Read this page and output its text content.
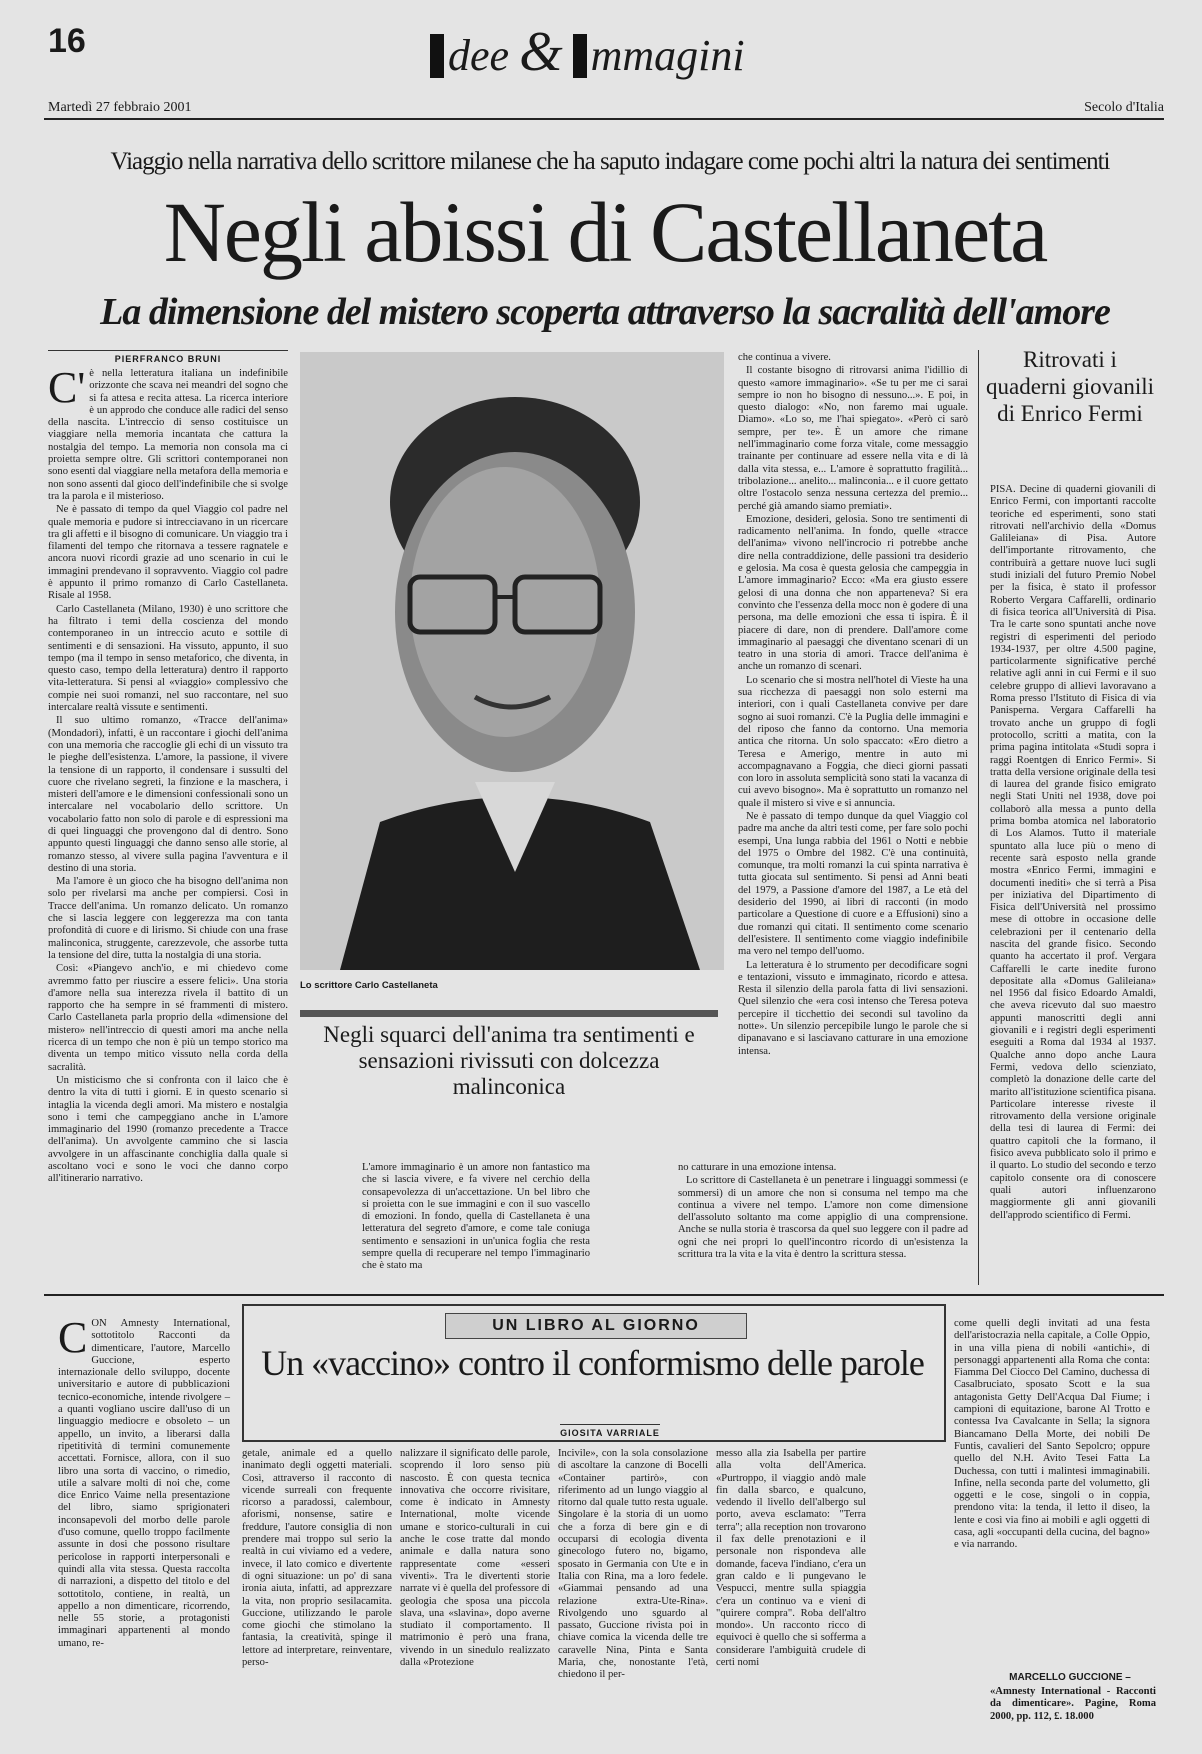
16	dee & mmagini
Martedì 27 febbraio 2001	Secolo d'Italia
Viaggio nella narrativa dello scrittore milanese che ha saputo indagare come pochi altri la natura dei sentimenti
Negli abissi di Castellaneta
La dimensione del mistero scoperta attraverso la sacralità dell'amore
PIERFRANCO BRUNI
C' è nella letteratura italiana un indefinibile orizzonte che scava nei meandri del sogno che si fa attesa e recita attesa. La ricerca interiore è un approdo che conduce alle radici del senso della nascita. L'intreccio di senso costituisce un viaggiare nella memoria incantata che cattura la nostalgia del tempo. La memoria non consola ma ci proietta sempre oltre. Gli scrittori contemporanei non sono esenti dal viaggiare nella metafora della memoria e non sono assenti dal gioco dell'indefinibile che si svolge tra la parola e il misterioso.

Ne è passato di tempo da quel Viaggio col padre nel quale memoria e pudore si intrecciavano in un ricercare tra gli affetti e il bisogno di comunicare. Un viaggio tra i filamenti del tempo che ritornava a tessere ragnatele e ancora nuovi ricordi grazie ad uno scenario in cui le immagini prendevano il sopravvento. Viaggio col padre è appunto il primo romanzo di Carlo Castellaneta. Risale al 1958.

Carlo Castellaneta (Milano, 1930) è uno scrittore che ha filtrato i temi della coscienza del mondo contemporaneo in un intreccio acuto e sottile di sentimenti e di sensazioni. Ha vissuto, appunto, il suo tempo (ma il tempo in senso metaforico, che diventa, in questo caso, tempo della letteratura) dentro il rapporto vita-letteratura. Si pensi al «viaggio» complessivo che compie nei suoi romanzi, nel suo raccontare, nel suo intercalare realtà vissute e sentimenti.

Il suo ultimo romanzo, «Tracce dell'anima» (Mondadori), infatti, è un raccontare i giochi dell'anima con una memoria che raccoglie gli echi di un vissuto tra le pieghe dell'esistenza. L'amore, la passione, il vivere la tensione di un rapporto, il condensare i sussulti del cuore che rivelano segreti, la finzione e la maschera, i misteri dell'amore e le dimensioni confessionali sono un intercalare nel vocabolario dello scrittore. Un vocabolario fatto non solo di parole e di espressioni ma di quei linguaggi che provengono dal di dentro. Sono appunto questi linguaggi che danno senso alle storie, al romanzo stesso, al vivere sulla pagina l'avventura e il destino di una storia.

Ma l'amore è un gioco che ha bisogno dell'anima non solo per rivelarsi ma anche per compiersi. Così in Tracce dell'anima. Un romanzo delicato. Un romanzo che si lascia leggere con leggerezza ma con tanta profondità di cuore e di lirismo. Si chiude con una frase malinconica, struggente, carezzevole, che assorbe tutta la tensione del dire, tutta la nostalgia di una storia.

Così: «Piangevo anch'io, e mi chiedevo come avremmo fatto per riuscire a essere felici». Una storia d'amore nella sua interezza rivela il battito di un rapporto che ha sempre in sé frammenti di mistero. Carlo Castellaneta parla proprio della «dimensione del mistero» nell'intreccio di questi amori ma anche nella ricerca di un tempo che non è più un tempo storico ma diventa un tempo mitico vissuto nella corda della sacralità.

Un misticismo che si confronta con il laico che è dentro la vita di tutti i giorni. E in questo scenario si intaglia la vicenda degli amori. Ma mistero e nostalgia sono i temi che campeggiano anche in L'amore immaginario del 1990 (romanzo precedente a Tracce dell'anima). Un avvolgente cammino che si lascia avvolgere in un affascinante conchiglia dalla quale si ascoltano voci e sono le voci che danno corpo all'itinerario narrativo.

Lo scrittore Carlo Castellaneta
Negli squarci dell'anima tra sentimenti e sensazioni rivissuti con dolcezza malinconica

L'amore immaginario è un amore non fantastico ma che si lascia vivere, e fa vivere nel cerchio della consapevolezza di un'accettazione. Un bel libro che si proietta con le sue immagini e con il suo vascello di emozioni. In fondo, quella di Castellaneta è una letteratura del segreto d'amore, e come tale coniuga sentimento e sensazioni in un'unica foglia che resta sempre quella di recuperare nel tempo l'immaginario che è stato ma

che continua a vivere.

Il costante bisogno di ritrovarsi anima l'idillio di questo «amore immaginario». «Se tu per me ci sarai sempre io non ho bisogno di nessuno...». E poi, in questo dialogo: «No, non faremo mai uguale. Diamo». «Lo so, me l'hai spiegato». «Però ci sarò sempre, per te». È un amore che rimane nell'immaginario come forza vitale, come messaggio trainante per continuare ad essere nella vita e di là dalla vita stessa, e... L'amore è soprattutto fragilità... tribolazione... anelito... malinconia... e il cuore gettato oltre l'ostacolo senza nessuna certezza del premio... perché già amando siamo premiati».

Emozione, desideri, gelosia. Sono tre sentimenti di radicamento nell'anima. In fondo, quelle «tracce dell'anima» vivono nell'incrocio ri potrebbe anche dire nella contraddizione, delle passioni tra desiderio e gelosia. Ma cosa è questa gelosia che campeggia in L'amore immaginario? Ecco: «Ma era giusto essere gelosi di una donna che non apparteneva? Si era convinto che l'essenza della mocc non è godere di una persona, ma delle emozioni che essa ti ispira. È il piacere di dare, non di prendere. Dall'amore come immaginario al paesaggi che diventano scenari di un teatro in una storia di amori. Tracce dell'anima è anche un romanzo di scenari.

Lo scenario che si mostra nell'hotel di Vieste ha una sua ricchezza di paesaggi non solo esterni ma interiori, con i quali Castellaneta convive per dare sogno ai suoi romanzi. C'è la Puglia delle immagini e del riposo che fanno da contorno. Una memoria antica che ritorna. Un solo spaccato: «Ero dietro a Teresa e Amerigo, mentre in auto mi accompagnavano a Foggia, che dieci giorni passati con loro in assoluta semplicità sono stati la vacanza di cui avevo bisogno». Ma è soprattutto un romanzo nel quale il mistero si vive e si annuncia.

Ne è passato di tempo dunque da quel Viaggio col padre ma anche da altri testi come, per fare solo pochi esempi, Una lunga rabbia del 1961 o Notti e nebbie del 1975 o Ombre del 1982. C'è una continuità, comunque, tra molti romanzi la cui spinta narrativa è tutta giocata sul sentimento. Si pensi ad Anni beati del 1979, a Passione d'amore del 1987, a Le età del desiderio del 1990, ai libri di racconti (in modo particolare a Questione di cuore e a Effusioni) sino a due romanzi qui citati. Il sentimento come scenario dell'esistere. Il sentimento come viaggio indefinibile ma vero nel tempo dell'uomo.

La letteratura è lo strumento per decodificare sogni e tentazioni, vissuto e immaginato, ricordo e attesa. Resta il silenzio della parola fatta di livi sensazioni. Quel silenzio che «era così intenso che Teresa poteva percepire il ticchettio dei secondi sul tavolino da notte». Un silenzio percepibile lungo le parole che si dipanavano e si lasciavano catturare in una emozione intensa.

no catturare in una emozione intensa.

Lo scrittore di Castellaneta è un penetrare i linguaggi sommessi (e sommersi) di un amore che non si consuma nel tempo ma che continua a vivere nel tempo. L'amore non come dimensione dell'assoluto soltanto ma come appiglio di una comprensione. Anche se nulla storia è trascorsa da quel suo leggere con il padre ad ogni che nei propri lo quell'incontro ricordo di un'esistenza la scrittura tra la vita e la vita è dentro la scrittura stessa.

Ritrovati i quaderni giovanili di Enrico Fermi

PISA. Decine di quaderni giovanili di Enrico Fermi, con importanti raccolte teoriche ed esperimenti, sono stati ritrovati nell'archivio della «Domus Galileiana» di Pisa. Autore dell'importante ritrovamento, che contribuirà a gettare nuove luci sugli studi iniziali del futuro Premio Nobel per la fisica, è stato il professor Roberto Vergara Caffarelli, ordinario di fisica teorica all'Università di Pisa. Tra le carte sono spuntati anche nove registri di esperimenti del periodo 1934-1937, per oltre 4.500 pagine, particolarmente significative perché relative agli anni in cui Fermi e il suo celebre gruppo di allievi lavoravano a Roma presso l'Istituto di Fisica di via Panisperna. Vergara Caffarelli ha trovato anche un gruppo di fogli protocollo, scritti a matita, con la prima pagina intitolata «Studi sopra i raggi Roentgen di Enrico Fermi». Si tratta della versione originale della tesi di laurea del grande fisico emigrato negli Stati Uniti nel 1938, dove poi collaborò alla messa a punto della prima bomba atomica nel laboratorio di Los Alamos. Tutto il materiale spuntato alla luce più o meno di recente sarà esposto nella grande mostra «Enrico Fermi, immagini e documenti inediti» che si terrà a Pisa per iniziativa del Dipartimento di Fisica dell'Università nel prossimo mese di ottobre in occasione delle celebrazioni per il centenario della nascita del grande fisico. Secondo quanto ha accertato il prof. Vergara Caffarelli le carte inedite furono depositate alla «Domus Galileiana» nel 1956 dal fisico Edoardo Amaldi, che aveva ricevuto dal suo maestro appunti manoscritti degli anni giovanili e i registri degli esperimenti eseguiti a Roma dal 1934 al 1937. Qualche anno dopo anche Laura Fermi, vedova dello scienziato, completò la donazione delle carte del marito all'istituzione scientifica pisana. Particolare interesse riveste il ritrovamento della versione originale della tesi di laurea di Fermi: dei quattro capitoli che la formano, il fisico aveva pubblicato solo il primo e il quarto. Lo studio del secondo e terzo capitolo consente ora di conoscere quali autori influenzarono maggiormente gli anni giovanili dell'approdo scientifico di Fermi.

UN LIBRO AL GIORNO
Un «vaccino» contro il conformismo delle parole
GIOSITA VARRIALE
C ON Amnesty International, sottotitolo Racconti da dimenticare, l'autore, Marcello Guccione, esperto internazionale dello sviluppo, docente universitario e autore di pubblicazioni tecnico-economiche, intende rivolgere – a quanti vogliano uscire dall'uso di un linguaggio mediocre e obsoleto – un appello, un invito, a liberarsi dalla ripetitività di termini comunemente accettati. Fornisce, allora, con il suo libro una sorta di vaccino, o rimedio, utile a salvare molti di noi che, come dice Enrico Vaime nella presentazione del libro, siamo sprigionateri inconsapevoli del morbo delle parole d'uso comune, quello troppo facilmente assunte in dosi che possono risultare pericolose in rapporti interpersonali e quindi alla vita stessa. Questa raccolta di narrazioni, a dispetto del titolo e del sottotitolo, contiene, in realtà, un appello a non dimenticare, ricorrendo, nelle 55 storie, a protagonisti immaginari appartenenti al mondo umano, re-

getale, animale ed a quello inanimato degli oggetti materiali. Così, attraverso il racconto di vicende surreali con frequente ricorso a paradossi, calembour, aforismi, nonsense, satire e freddure, l'autore consiglia di non prendere mai troppo sul serio la realtà in cui viviamo ed a vedere, invece, il lato comico e divertente di ogni situazione: un po' di sana ironia aiuta, infatti, ad apprezzare la vita, non proprio sesilacamita. Guccione, utilizzando le parole come giochi che stimolano la fantasia, la creatività, spinge il lettore ad interpretare, reinventare, perso-

nalizzare il significato delle parole, scoprendo il loro senso più nascosto. È con questa tecnica innovativa che occorre rivisitare, come è indicato in Amnesty International, molte vicende umane e storico-culturali in cui anche le cose tratte dal mondo animale e dalla natura sono rappresentate come «esseri viventi». Tra le divertenti storie narrate vi è quella del professore di geologia che sposa una piccola slava, una «slavina», dopo averne studiato il comportamento. Il matrimonio è però una frana, vivendo in un sinedulo realizzato dalla «Protezione

Incivile», con la sola consolazione di ascoltare la canzone di Bocelli «Container partirò», con riferimento ad un lungo viaggio al ritorno dal quale tutto resta uguale. Singolare è la storia di un uomo che a forza di bere gin e di occuparsi di ecologia diventa ginecologo futero no, bigamo, sposato in Germania con Ute e in Italia con Rina, ma a loro fedele. «Giammai pensando ad una relazione extra-Ute-Rina». Rivolgendo uno sguardo al passato, Guccione rivista poi in chiave comica la vicenda delle tre caravelle Nina, Pinta e Santa Maria, che, nonostante l'età, chiedono il per-

messo alla zia Isabella per partire alla volta dell'America. «Purtroppo, il viaggio andò male fin dalla sbarco, e qualcuno, vedendo il livello dell'albergo sul porto, aveva esclamato: "Terra terra"; alla reception non trovarono il fax delle prenotazioni e il personale non rispondeva alle domande, faceva l'indiano, c'era un gran caldo e li pungevano le Vespucci, mentre sulla spiaggia c'era un continuo va e vieni di "quirere compra". Roba dell'altro mondo». Un racconto ricco di equivoci è quello che si sofferma a considerare l'ambiguità crudele di certi nomi

come quelli degli invitati ad una festa dell'aristocrazia nella capitale, a Colle Oppio, in una villa piena di nobili «antichi», di personaggi appartenenti alla Roma che conta: Fiamma Del Ciocco Del Camino, duchessa di Casalbruciato, sposato Scott e la sua antagonista Getty Dell'Acqua Dal Fiume; i campioni di equitazione, barone Al Trotto e contessa Iva Cavalcante in Sella; la signora Biancamano Della Morte, dei nobili De Funtis, cavalieri del Santo Sepolcro; oppure quello del N.H. Avito Tesei Fatta La Duchessa, con tutti i malintesi immaginabili. Infine, nella seconda parte del volumetto, gli oggetti e le cose, singoli o in coppia, prendono vita: la tenda, il letto il diseo, la lente e così via fino ai mobili e agli oggetti di casa, agli «occupanti della cucina, del bagno» e via narrando.

MARCELLO GUCCIONE –

«Amnesty International - Racconti da dimenticare». Pagine, Roma 2000, pp. 112, £. 18.000
